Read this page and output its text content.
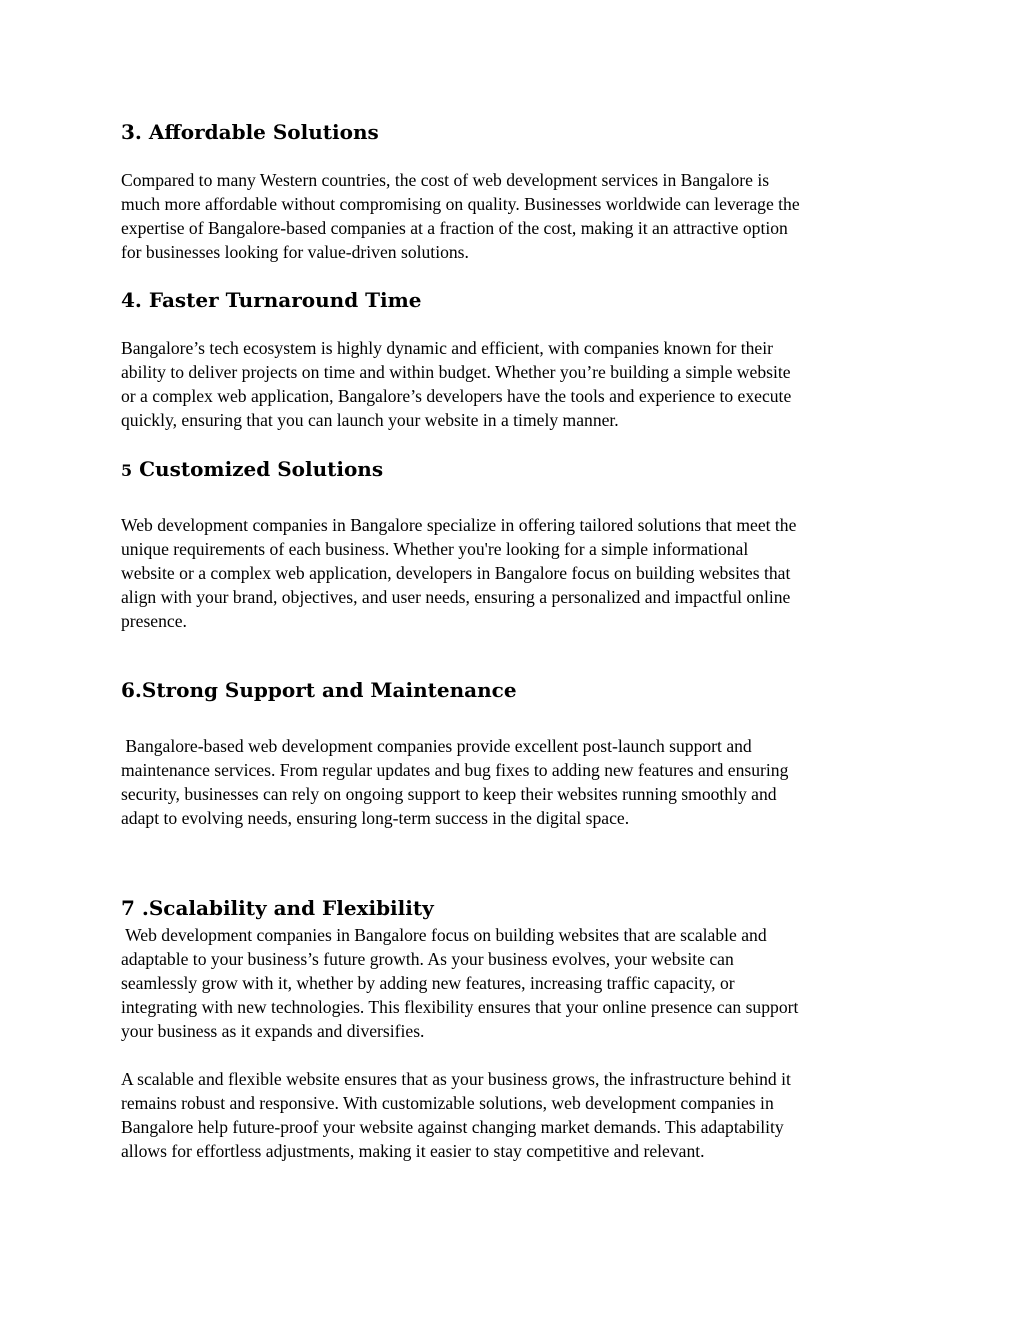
3. Affordable Solutions
Compared to many Western countries, the cost of web development services in Bangalore is
much more affordable without compromising on quality. Businesses worldwide can leverage the
expertise of Bangalore-based companies at a fraction of the cost, making it an attractive option
for businesses looking for value-driven solutions.
4. Faster Turnaround Time
Bangalore’s tech ecosystem is highly dynamic and efficient, with companies known for their
ability to deliver projects on time and within budget. Whether you’re building a simple website
or a complex web application, Bangalore’s developers have the tools and experience to execute
quickly, ensuring that you can launch your website in a timely manner.
5 Customized Solutions
Web development companies in Bangalore specialize in offering tailored solutions that meet the
unique requirements of each business. Whether you're looking for a simple informational
website or a complex web application, developers in Bangalore focus on building websites that
align with your brand, objectives, and user needs, ensuring a personalized and impactful online
presence.
6.Strong Support and Maintenance
Bangalore-based web development companies provide excellent post-launch support and
maintenance services. From regular updates and bug fixes to adding new features and ensuring
security, businesses can rely on ongoing support to keep their websites running smoothly and
adapt to evolving needs, ensuring long-term success in the digital space.
7 .Scalability and Flexibility
Web development companies in Bangalore focus on building websites that are scalable and
adaptable to your business’s future growth. As your business evolves, your website can
seamlessly grow with it, whether by adding new features, increasing traffic capacity, or
integrating with new technologies. This flexibility ensures that your online presence can support
your business as it expands and diversifies.
A scalable and flexible website ensures that as your business grows, the infrastructure behind it
remains robust and responsive. With customizable solutions, web development companies in
Bangalore help future-proof your website against changing market demands. This adaptability
allows for effortless adjustments, making it easier to stay competitive and relevant.
